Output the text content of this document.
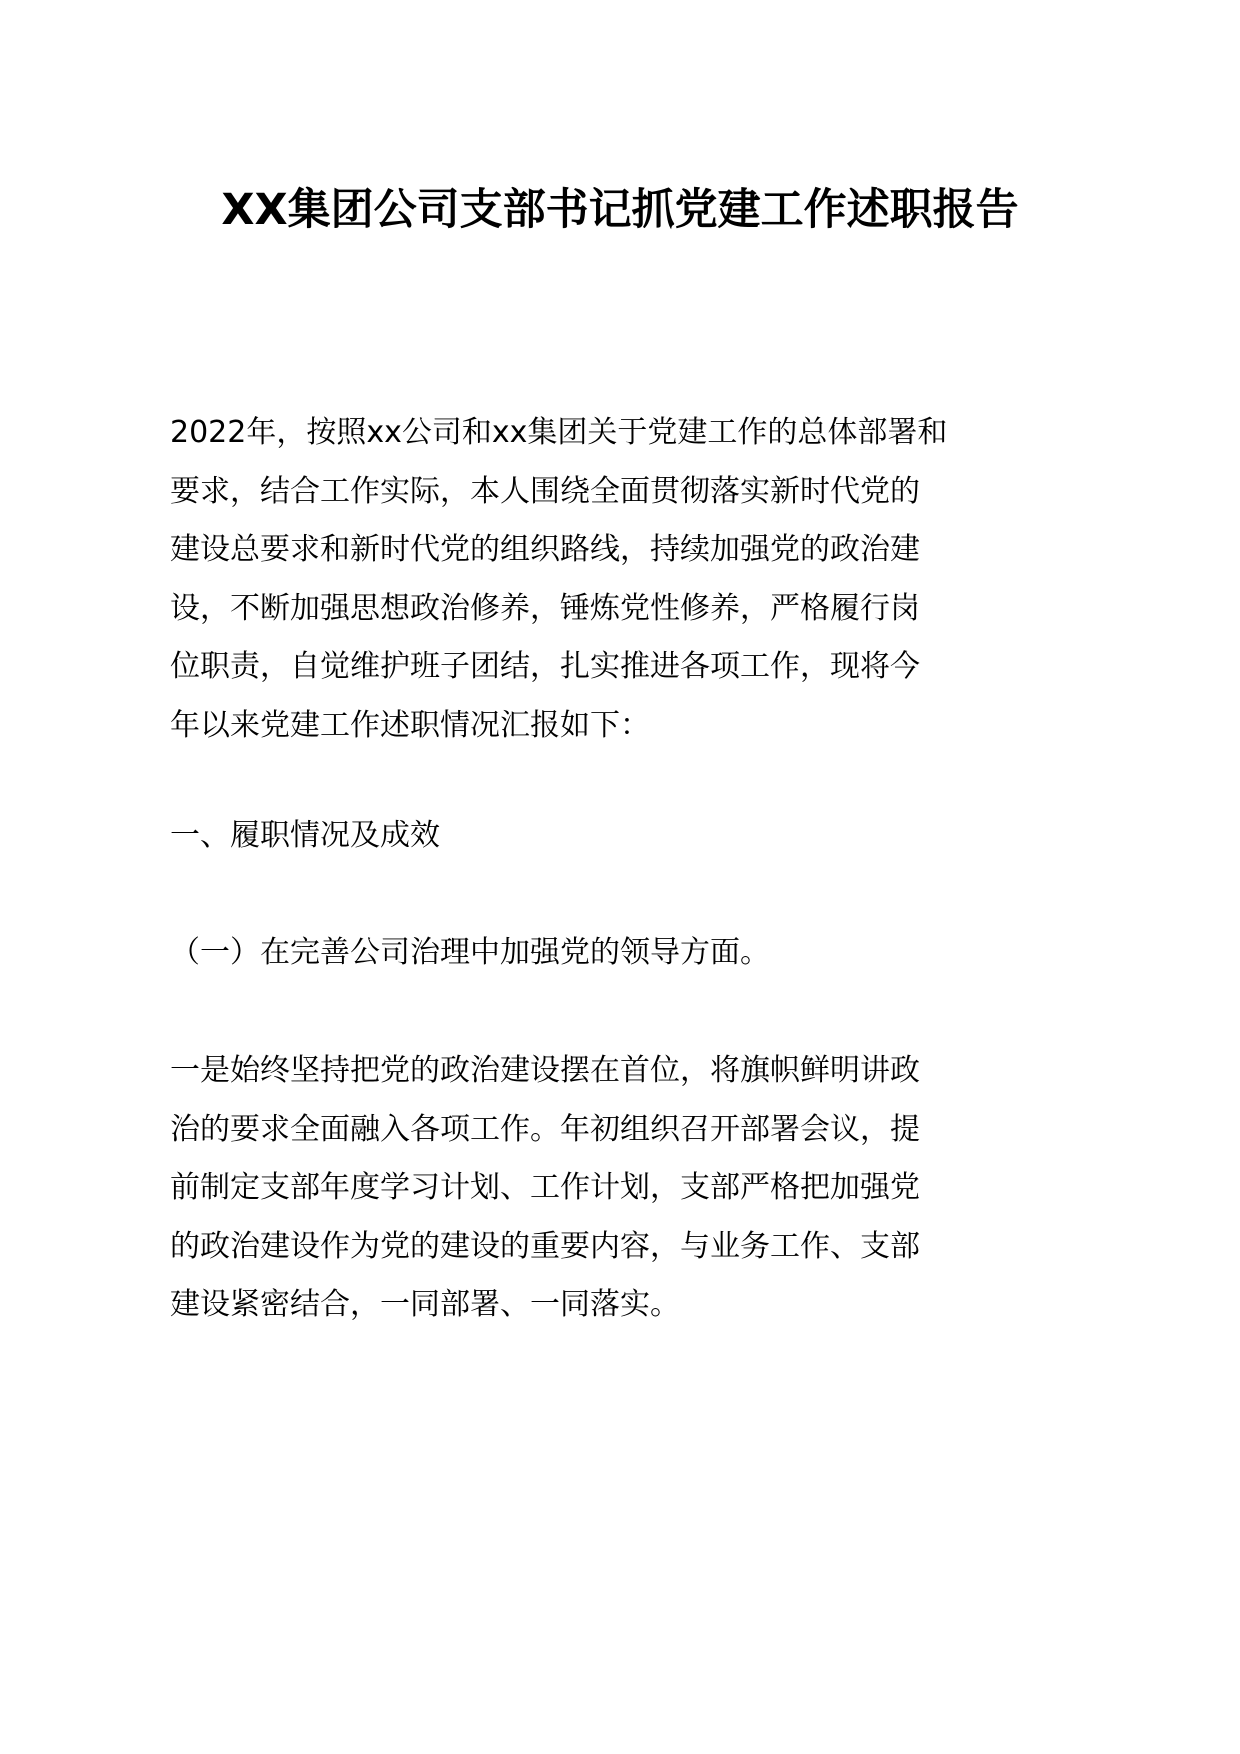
XX集团公司支部书记抓党建工作述职报告

2022年，按照xx公司和xx集团关于党建工作的总体部署和
要求，结合工作实际，本人围绕全面贯彻落实新时代党的
建设总要求和新时代党的组织路线，持续加强党的政治建
设，不断加强思想政治修养，锤炼党性修养，严格履行岗
位职责，自觉维护班子团结，扎实推进各项工作，现将今
年以来党建工作述职情况汇报如下：

一、履职情况及成效

（一）在完善公司治理中加强党的领导方面。

一是始终坚持把党的政治建设摆在首位，将旗帜鲜明讲政
治的要求全面融入各项工作。年初组织召开部署会议，提
前制定支部年度学习计划、工作计划，支部严格把加强党
的政治建设作为党的建设的重要内容，与业务工作、支部
建设紧密结合，一同部署、一同落实。
